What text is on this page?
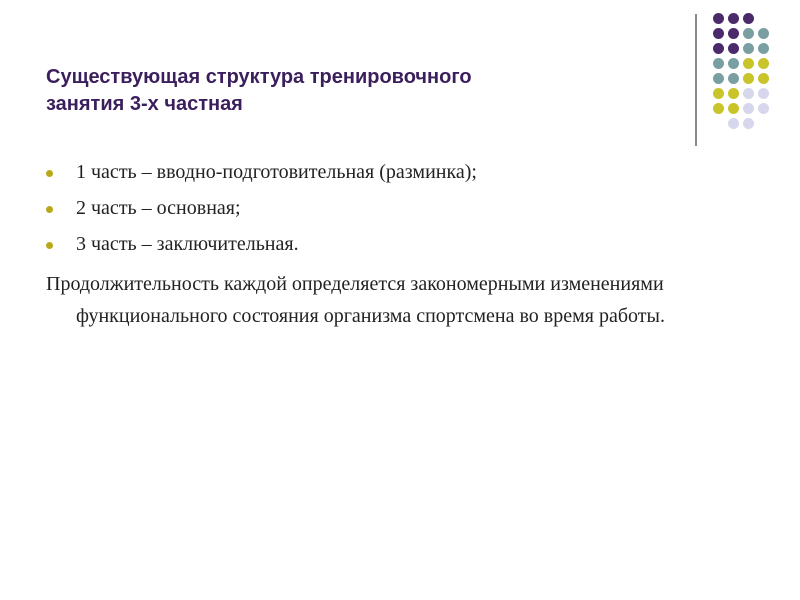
Существующая структура тренировочного
занятия 3-х частная
1 часть – вводно-подготовительная (разминка);
2 часть – основная;
3 часть – заключительная.

Продолжительность каждой определяется закономерными изменениями функционального состояния организма спортсмена во время работы.
